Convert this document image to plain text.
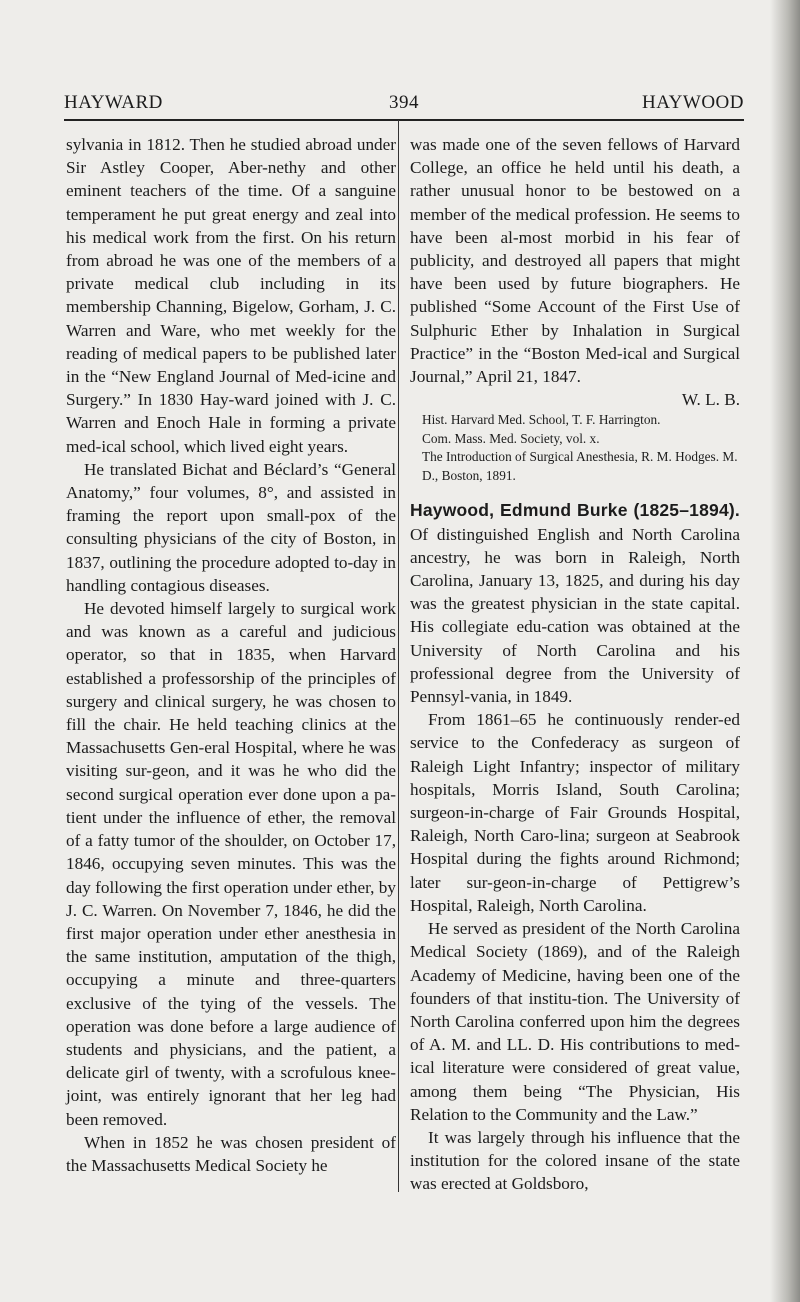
HAYWARD	394	HAYWOOD

sylvania in 1812. Then he studied abroad under Sir Astley Cooper, Aber-nethy and other eminent teachers of the time. Of a sanguine temperament he put great energy and zeal into his medical work from the first. On his return from abroad he was one of the members of a private medical club including in its membership Channing, Bigelow, Gorham, J. C. Warren and Ware, who met weekly for the reading of medical papers to be published later in the “New England Journal of Med-icine and Surgery.” In 1830 Hay-ward joined with J. C. Warren and Enoch Hale in forming a private med-ical school, which lived eight years.

He translated Bichat and Béclard’s “General Anatomy,” four volumes, 8°, and assisted in framing the report upon small-pox of the consulting physicians of the city of Boston, in 1837, outlining the procedure adopted to-day in handling contagious diseases.

He devoted himself largely to surgical work and was known as a careful and judicious operator, so that in 1835, when Harvard established a professorship of the principles of surgery and clinical surgery, he was chosen to fill the chair. He held teaching clinics at the Massachusetts Gen-eral Hospital, where he was visiting sur-geon, and it was he who did the second surgical operation ever done upon a pa-tient under the influence of ether, the removal of a fatty tumor of the shoulder, on October 17, 1846, occupying seven minutes. This was the day following the first operation under ether, by J. C. Warren. On November 7, 1846, he did the first major operation under ether anesthesia in the same institution, amputation of the thigh, occupying a minute and three-quarters exclusive of the tying of the vessels. The operation was done before a large audience of students and physicians, and the patient, a delicate girl of twenty, with a scrofulous knee-joint, was entirely ignorant that her leg had been removed.

When in 1852 he was chosen president of the Massachusetts Medical Society he

was made one of the seven fellows of Harvard College, an office he held until his death, a rather unusual honor to be bestowed on a member of the medical profession. He seems to have been al-most morbid in his fear of publicity, and destroyed all papers that might have been used by future biographers. He published “Some Account of the First Use of Sulphuric Ether by Inhalation in Surgical Practice” in the “Boston Med-ical and Surgical Journal,” April 21, 1847.

W. L. B.

Hist. Harvard Med. School, T. F. Harrington.
Com. Mass. Med. Society, vol. x.
The Introduction of Surgical Anesthesia, R. M. Hodges. M. D., Boston, 1891.

Haywood, Edmund Burke (1825–1894). Of distinguished English and North Carolina ancestry, he was born in Raleigh, North Carolina, January 13, 1825, and during his day was the greatest physician in the state capital. His collegiate edu-cation was obtained at the University of North Carolina and his professional degree from the University of Pennsyl-vania, in 1849.

From 1861–65 he continuously render-ed service to the Confederacy as surgeon of Raleigh Light Infantry; inspector of military hospitals, Morris Island, South Carolina; surgeon-in-charge of Fair Grounds Hospital, Raleigh, North Caro-lina; surgeon at Seabrook Hospital during the fights around Richmond; later sur-geon-in-charge of Pettigrew’s Hospital, Raleigh, North Carolina.

He served as president of the North Carolina Medical Society (1869), and of the Raleigh Academy of Medicine, having been one of the founders of that institu-tion. The University of North Carolina conferred upon him the degrees of A. M. and LL. D. His contributions to med-ical literature were considered of great value, among them being “The Physician, His Relation to the Community and the Law.”

It was largely through his influence that the institution for the colored insane of the state was erected at Goldsboro,
